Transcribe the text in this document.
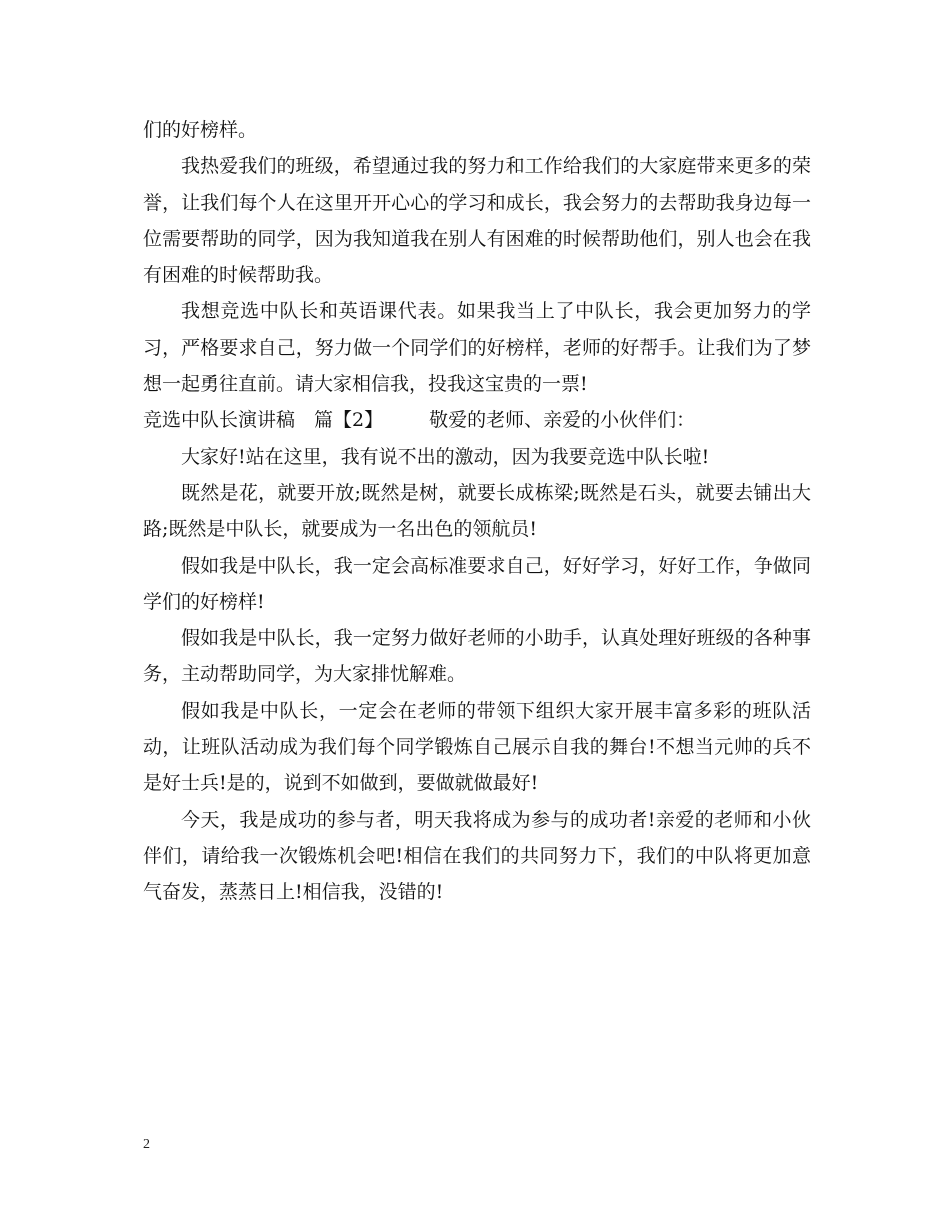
们的好榜样。

我热爱我们的班级，希望通过我的努力和工作给我们的大家庭带来更多的荣誉，让我们每个人在这里开开心心的学习和成长，我会努力的去帮助我身边每一位需要帮助的同学，因为我知道我在别人有困难的时候帮助他们，别人也会在我有困难的时候帮助我。

我想竞选中队长和英语课代表。如果我当上了中队长，我会更加努力的学习，严格要求自己，努力做一个同学们的好榜样，老师的好帮手。让我们为了梦想一起勇往直前。请大家相信我，投我这宝贵的一票!

竞选中队长演讲稿 篇【2】 敬爱的老师、亲爱的小伙伴们：

大家好!站在这里，我有说不出的激动，因为我要竞选中队长啦!

既然是花，就要开放;既然是树，就要长成栋梁;既然是石头，就要去铺出大路;既然是中队长，就要成为一名出色的领航员!

假如我是中队长，我一定会高标准要求自己，好好学习，好好工作，争做同学们的好榜样!

假如我是中队长，我一定努力做好老师的小助手，认真处理好班级的各种事务，主动帮助同学，为大家排忧解难。

假如我是中队长，一定会在老师的带领下组织大家开展丰富多彩的班队活动，让班队活动成为我们每个同学锻炼自己展示自我的舞台!不想当元帅的兵不是好士兵!是的，说到不如做到，要做就做最好!

今天，我是成功的参与者，明天我将成为参与的成功者!亲爱的老师和小伙伴们，请给我一次锻炼机会吧!相信在我们的共同努力下，我们的中队将更加意气奋发，蒸蒸日上!相信我，没错的!

2
